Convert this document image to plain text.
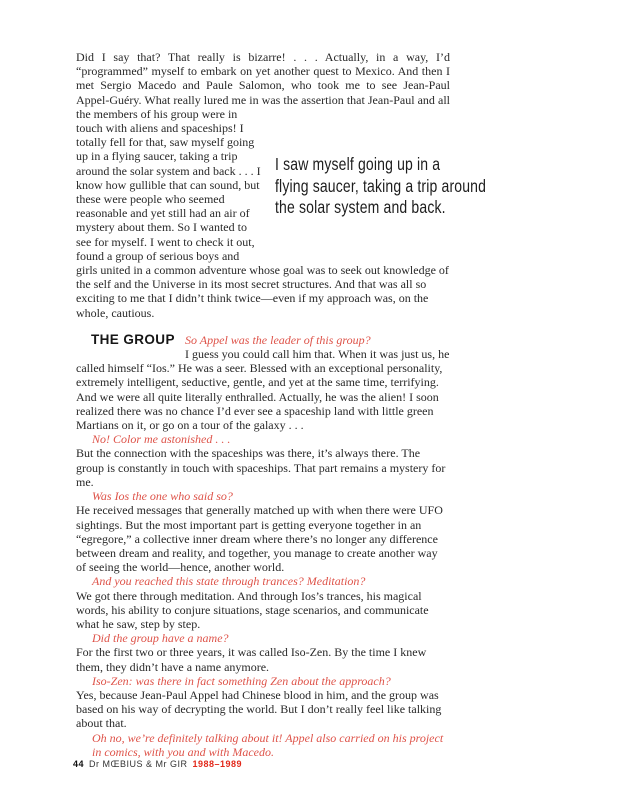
Did I say that? That really is bizarre! . . . Actually, in a way, I’d “programmed” myself to embark on yet another quest to Mexico. And then I met Sergio Macedo and Paule Salomon, who took me to see Jean-Paul Appel-Guéry. What really lured me in was the assertion that Jean-Paul and all the members of his group were in

I saw myself going up in a
flying saucer, taking a trip around
the solar system and back.
touch with aliens and spaceships! I totally fell for that, saw myself going up in a flying saucer, taking a trip around the solar system and back . . . I know how gullible that can sound, but these were people who seemed reasonable and yet still had an air of mystery about them. So I wanted to see for myself. I went to check it out, found a group of serious boys and girls united in a common adventure whose goal was to seek out knowledge of the self and the Universe in its most secret structures. And that was all so exciting to me that I didn’t think twice—even if my approach was, on the whole, cautious.

THE GROUP So Appel was the leader of this group?

I guess you could call him that. When it was just us, he called himself “Ios.” He was a seer. Blessed with an exceptional personality, extremely intelligent, seductive, gentle, and yet at the same time, terrifying. And we were all quite literally enthralled. Actually, he was the alien! I soon realized there was no chance I’d ever see a spaceship land with little green Martians on it, or go on a tour of the galaxy . . .

No! Color me astonished . . .

But the connection with the spaceships was there, it’s always there. The group is constantly in touch with spaceships. That part remains a mystery for me.

Was Ios the one who said so?

He received messages that generally matched up with when there were UFO sightings. But the most important part is getting everyone together in an “egregore,” a collective inner dream where there’s no longer any difference between dream and reality, and together, you manage to create another way of seeing the world—hence, another world.

And you reached this state through trances? Meditation?

We got there through meditation. And through Ios’s trances, his magical words, his ability to conjure situations, stage scenarios, and communicate what he saw, step by step.

Did the group have a name?

For the first two or three years, it was called Iso-Zen. By the time I knew them, they didn’t have a name anymore.

Iso-Zen: was there in fact something Zen about the approach?

Yes, because Jean-Paul Appel had Chinese blood in him, and the group was based on his way of decrypting the world. But I don’t really feel like talking about that.

Oh no, we’re definitely talking about it! Appel also carried on his project in comics, with you and with Macedo.

44 Dr MŒBIUS & Mr GIR 1988–1989
